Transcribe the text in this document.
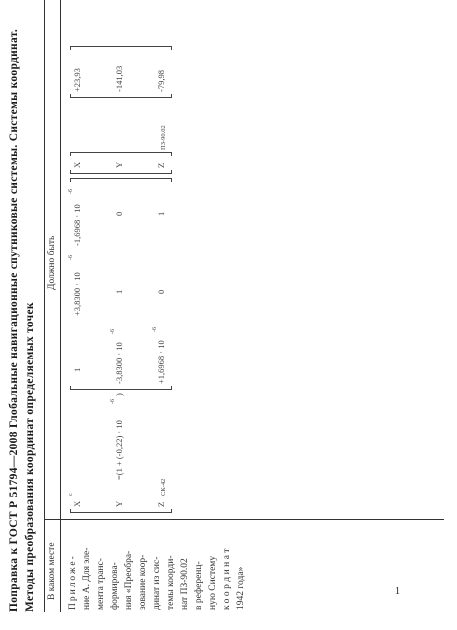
Поправка к ГОСТ Р 51794—2008 Глобальные навигационные спутниковые системы. Системы координат. Методы преобразования координат определяемых точек В каком месте
Должно быть
Приложе- ние А. Для эле- мента транс- формирова- ния «Преобра- зование коор- динат из сис- темы коорди- нат ПЗ-90.02 в референц- ную Систему координат 1942 года»
X
c
Y	Z
СК-42
=(1 + (-0,22) · 10
-6
)
1
+3,8300 · 10
-6
-1,6968 · 10
-6
-3,8300 · 10
-6
1
0
+1,6968 · 10
-6
0
1
X	Y	Z
ПЗ-90.02
+23,93	-141,03	-79,98
1
